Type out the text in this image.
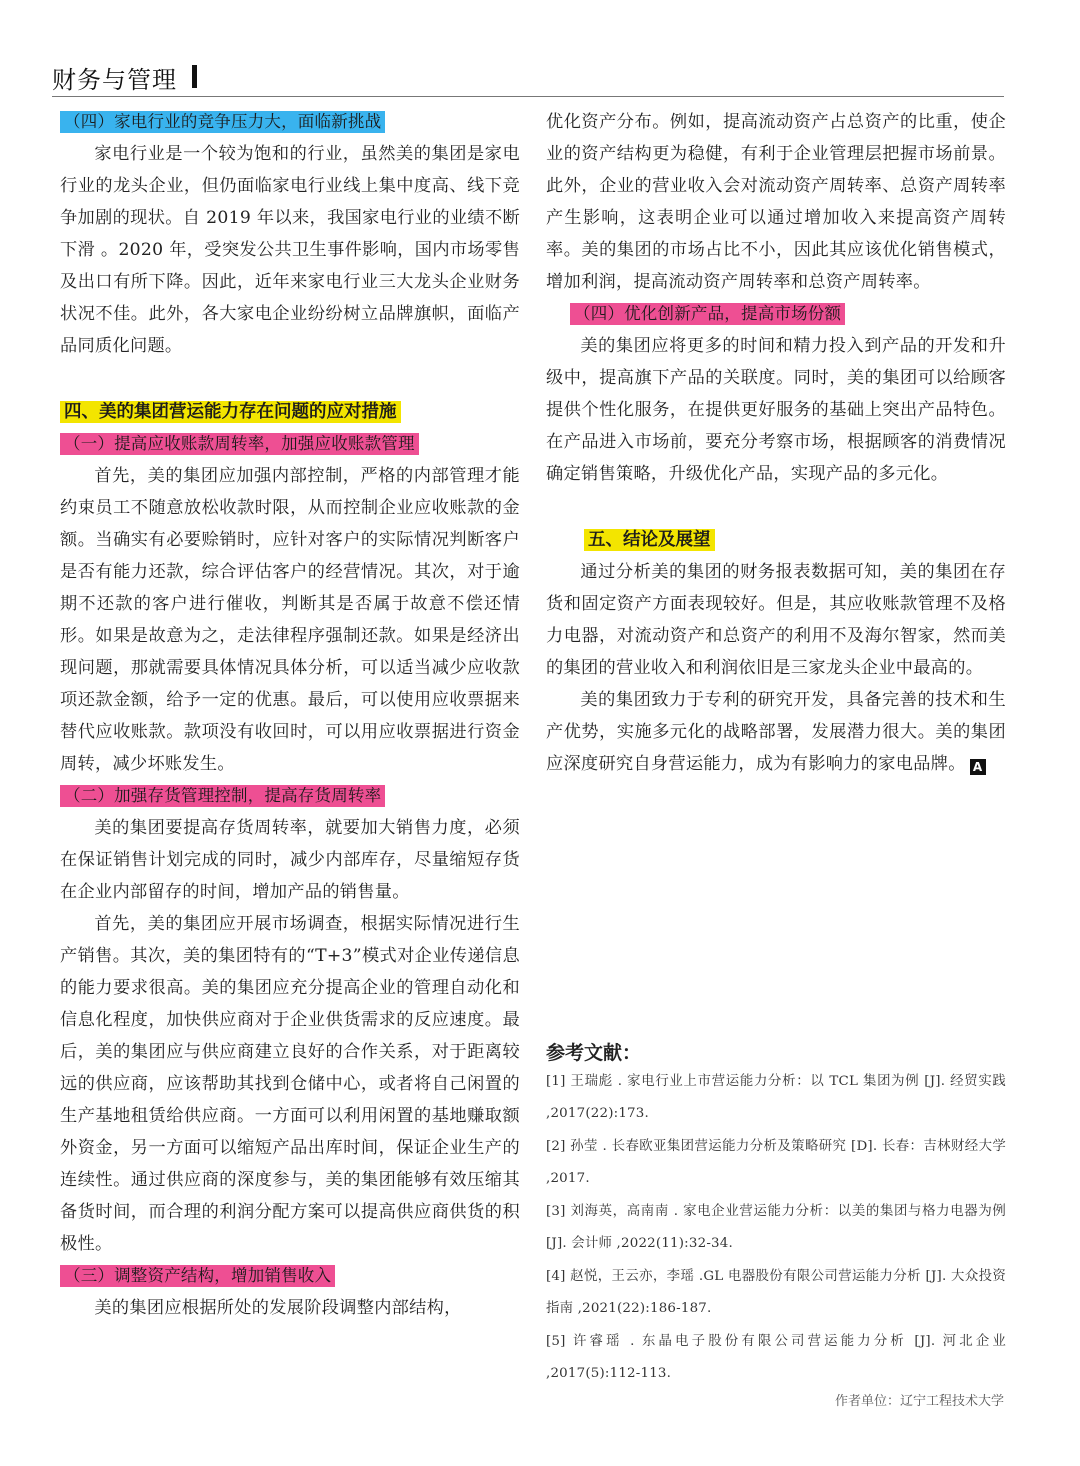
财务与管理
（四）家电行业的竞争压力大，面临新挑战

家电行业是一个较为饱和的行业，虽然美的集团是家电行业的龙头企业，但仍面临家电行业线上集中度高、线下竞争加剧的现状。自 2019 年以来，我国家电行业的业绩不断下滑 。2020 年，受突发公共卫生事件影响，国内市场零售及出口有所下降。因此，近年来家电行业三大龙头企业财务状况不佳。此外，各大家电企业纷纷树立品牌旗帜，面临产品同质化问题。

四、美的集团营运能力存在问题的应对措施
（一）提高应收账款周转率，加强应收账款管理

首先，美的集团应加强内部控制，严格的内部管理才能约束员工不随意放松收款时限，从而控制企业应收账款的金额。当确实有必要赊销时，应针对客户的实际情况判断客户是否有能力还款，综合评估客户的经营情况。其次，对于逾期不还款的客户进行催收，判断其是否属于故意不偿还情形。如果是故意为之，走法律程序强制还款。如果是经济出现问题，那就需要具体情况具体分析，可以适当减少应收款项还款金额，给予一定的优惠。最后，可以使用应收票据来替代应收账款。款项没有收回时，可以用应收票据进行资金周转，减少坏账发生。

（二）加强存货管理控制，提高存货周转率

美的集团要提高存货周转率，就要加大销售力度，必须在保证销售计划完成的同时，减少内部库存，尽量缩短存货在企业内部留存的时间，增加产品的销售量。

首先，美的集团应开展市场调查，根据实际情况进行生产销售。其次，美的集团特有的“T+3”模式对企业传递信息的能力要求很高。美的集团应充分提高企业的管理自动化和信息化程度，加快供应商对于企业供货需求的反应速度。最后，美的集团应与供应商建立良好的合作关系，对于距离较远的供应商，应该帮助其找到仓储中心，或者将自己闲置的生产基地租赁给供应商。一方面可以利用闲置的基地赚取额外资金，另一方面可以缩短产品出库时间，保证企业生产的连续性。通过供应商的深度参与，美的集团能够有效压缩其备货时间，而合理的利润分配方案可以提高供应商供货的积极性。

（三）调整资产结构，增加销售收入

美的集团应根据所处的发展阶段调整内部结构，

优化资产分布。例如，提高流动资产占总资产的比重，使企业的资产结构更为稳健，有利于企业管理层把握市场前景。此外，企业的营业收入会对流动资产周转率、总资产周转率产生影响，这表明企业可以通过增加收入来提高资产周转率。美的集团的市场占比不小，因此其应该优化销售模式，增加利润，提高流动资产周转率和总资产周转率。

（四）优化创新产品，提高市场份额

美的集团应将更多的时间和精力投入到产品的开发和升级中，提高旗下产品的关联度。同时，美的集团可以给顾客提供个性化服务，在提供更好服务的基础上突出产品特色。在产品进入市场前，要充分考察市场，根据顾客的消费情况确定销售策略，升级优化产品，实现产品的多元化。

五、结论及展望

通过分析美的集团的财务报表数据可知，美的集团在存货和固定资产方面表现较好。但是，其应收账款管理不及格力电器，对流动资产和总资产的利用不及海尔智家，然而美的集团的营业收入和利润依旧是三家龙头企业中最高的。

美的集团致力于专利的研究开发，具备完善的技术和生产优势，实施多元化的战略部署，发展潜力很大。美的集团应深度研究自身营运能力，成为有影响力的家电品牌。 A

参考文献：

[1] 王瑞彪 . 家电行业上市营运能力分析：以 TCL 集团为例 [J]. 经贸实践 ,2017(22):173.

[2] 孙莹 . 长春欧亚集团营运能力分析及策略研究 [D]. 长春：吉林财经大学 ,2017.

[3] 刘海英，高南南 . 家电企业营运能力分析：以美的集团与格力电器为例 [J]. 会计师 ,2022(11):32-34.

[4] 赵悦，王云亦，李瑶 .GL 电器股份有限公司营运能力分析 [J]. 大众投资指南 ,2021(22):186-187.

[5] 许睿瑶 . 东晶电子股份有限公司营运能力分析 [J]. 河北企业 ,2017(5):112-113.

作者单位：辽宁工程技术大学
